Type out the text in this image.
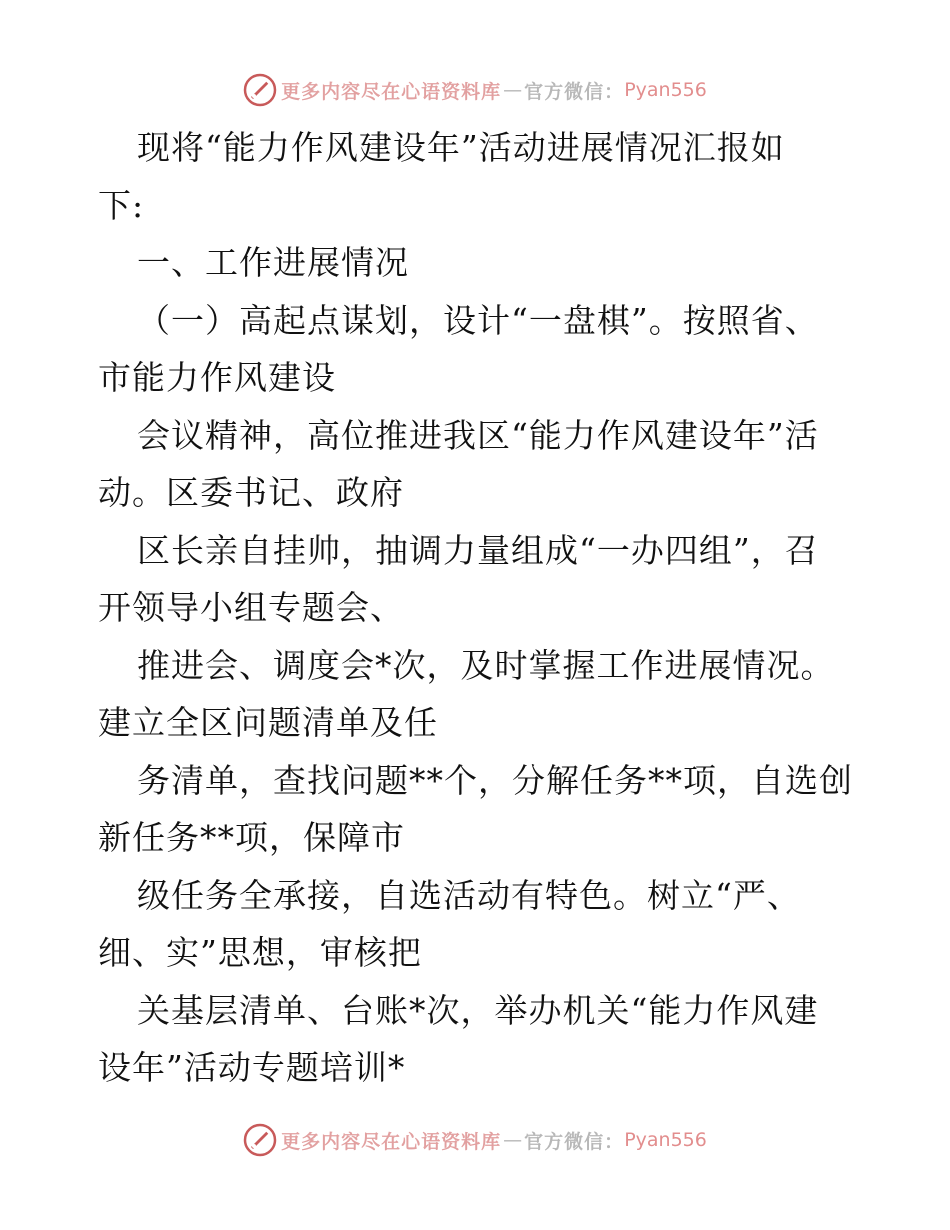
更多内容尽在心语资料库 — 官方微信： Pyan556

现将“能力作风建设年”活动进展情况汇报如

下:

一、工作进展情况

（一）高起点谋划，设计“一盘棋”。按照省、

市能力作风建设

会议精神，高位推进我区“能力作风建设年”活

动。区委书记、政府

区长亲自挂帅，抽调力量组成“一办四组”，召

开领导小组专题会、

推进会、调度会*次，及时掌握工作进展情况。

建立全区问题清单及任

务清单，查找问题**个，分解任务**项，自选创

新任务**项，保障市

级任务全承接，自选活动有特色。树立“严、

细、实”思想，审核把

关基层清单、台账*次，举办机关“能力作风建

设年”活动专题培训*

更多内容尽在心语资料库 — 官方微信： Pyan556
